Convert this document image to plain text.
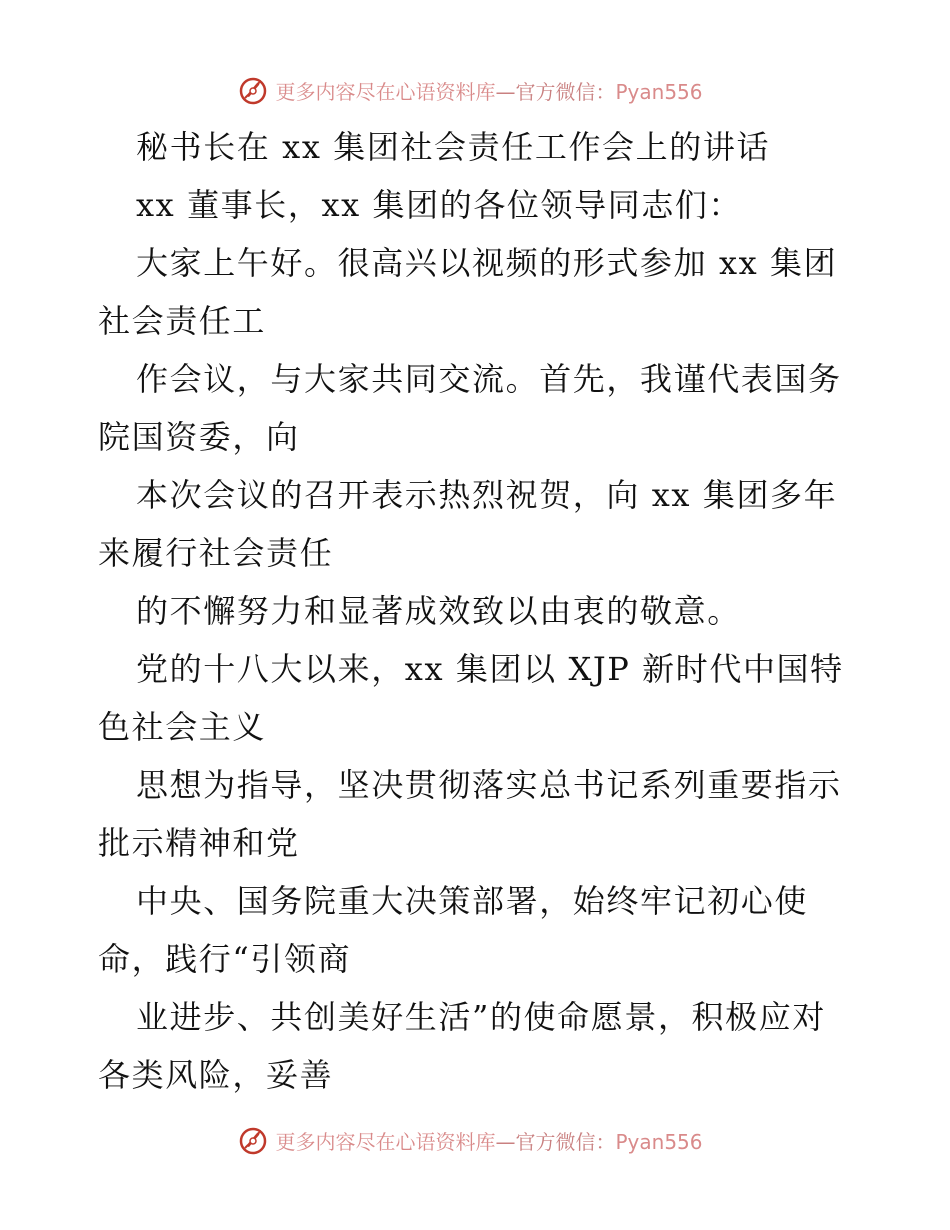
更多内容尽在心语资料库—官方微信：Pyan556
秘书长在 xx 集团社会责任工作会上的讲话
xx 董事长，xx 集团的各位领导同志们：
大家上午好。很高兴以视频的形式参加 xx 集团
社会责任工
作会议，与大家共同交流。首先，我谨代表国务
院国资委，向
本次会议的召开表示热烈祝贺，向 xx 集团多年
来履行社会责任
的不懈努力和显著成效致以由衷的敬意。
党的十八大以来，xx 集团以 XJP 新时代中国特
色社会主义
思想为指导，坚决贯彻落实总书记系列重要指示
批示精神和党
中央、国务院重大决策部署，始终牢记初心使
命，践行“引领商
业进步、共创美好生活”的使命愿景，积极应对
各类风险，妥善
更多内容尽在心语资料库—官方微信：Pyan556
